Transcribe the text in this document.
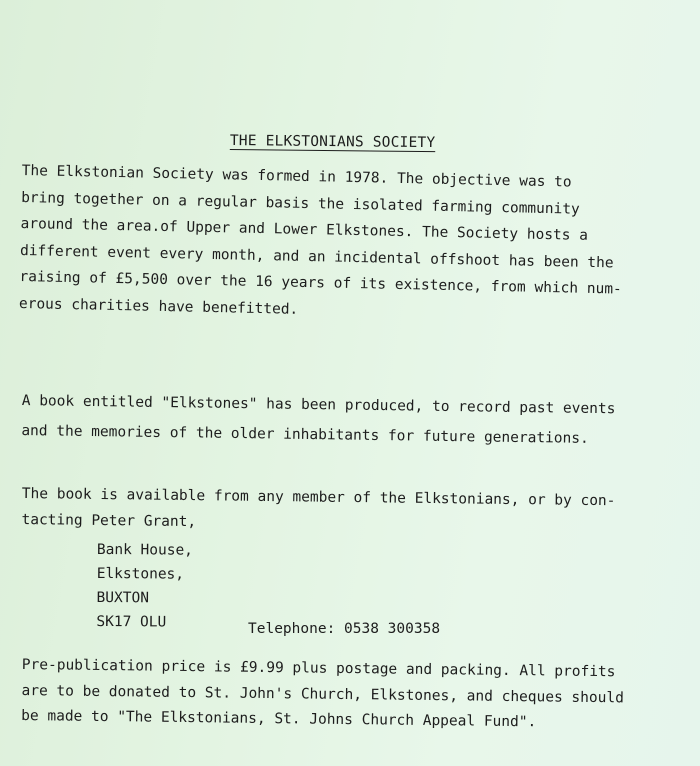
THE ELKSTONIANS SOCIETY
The Elkstonian Society was formed in 1978. The objective was to
bring together on a regular basis the isolated farming community
around the area.of Upper and Lower Elkstones. The Society hosts a
different event every month, and an incidental offshoot has been the
raising of £5,500 over the 16 years of its existence, from which num-
erous charities have benefitted.
A book entitled "Elkstones" has been produced, to record past events
and the memories of the older inhabitants for future generations.
The book is available from any member of the Elkstonians, or by con-
tacting Peter Grant,
Bank House,
Elkstones,
BUXTON
SK17 OLU	Telephone: 0538 300358
Pre-publication price is £9.99 plus postage and packing. All profits
are to be donated to St. John's Church, Elkstones, and cheques should
be made to "The Elkstonians, St. Johns Church Appeal Fund".
